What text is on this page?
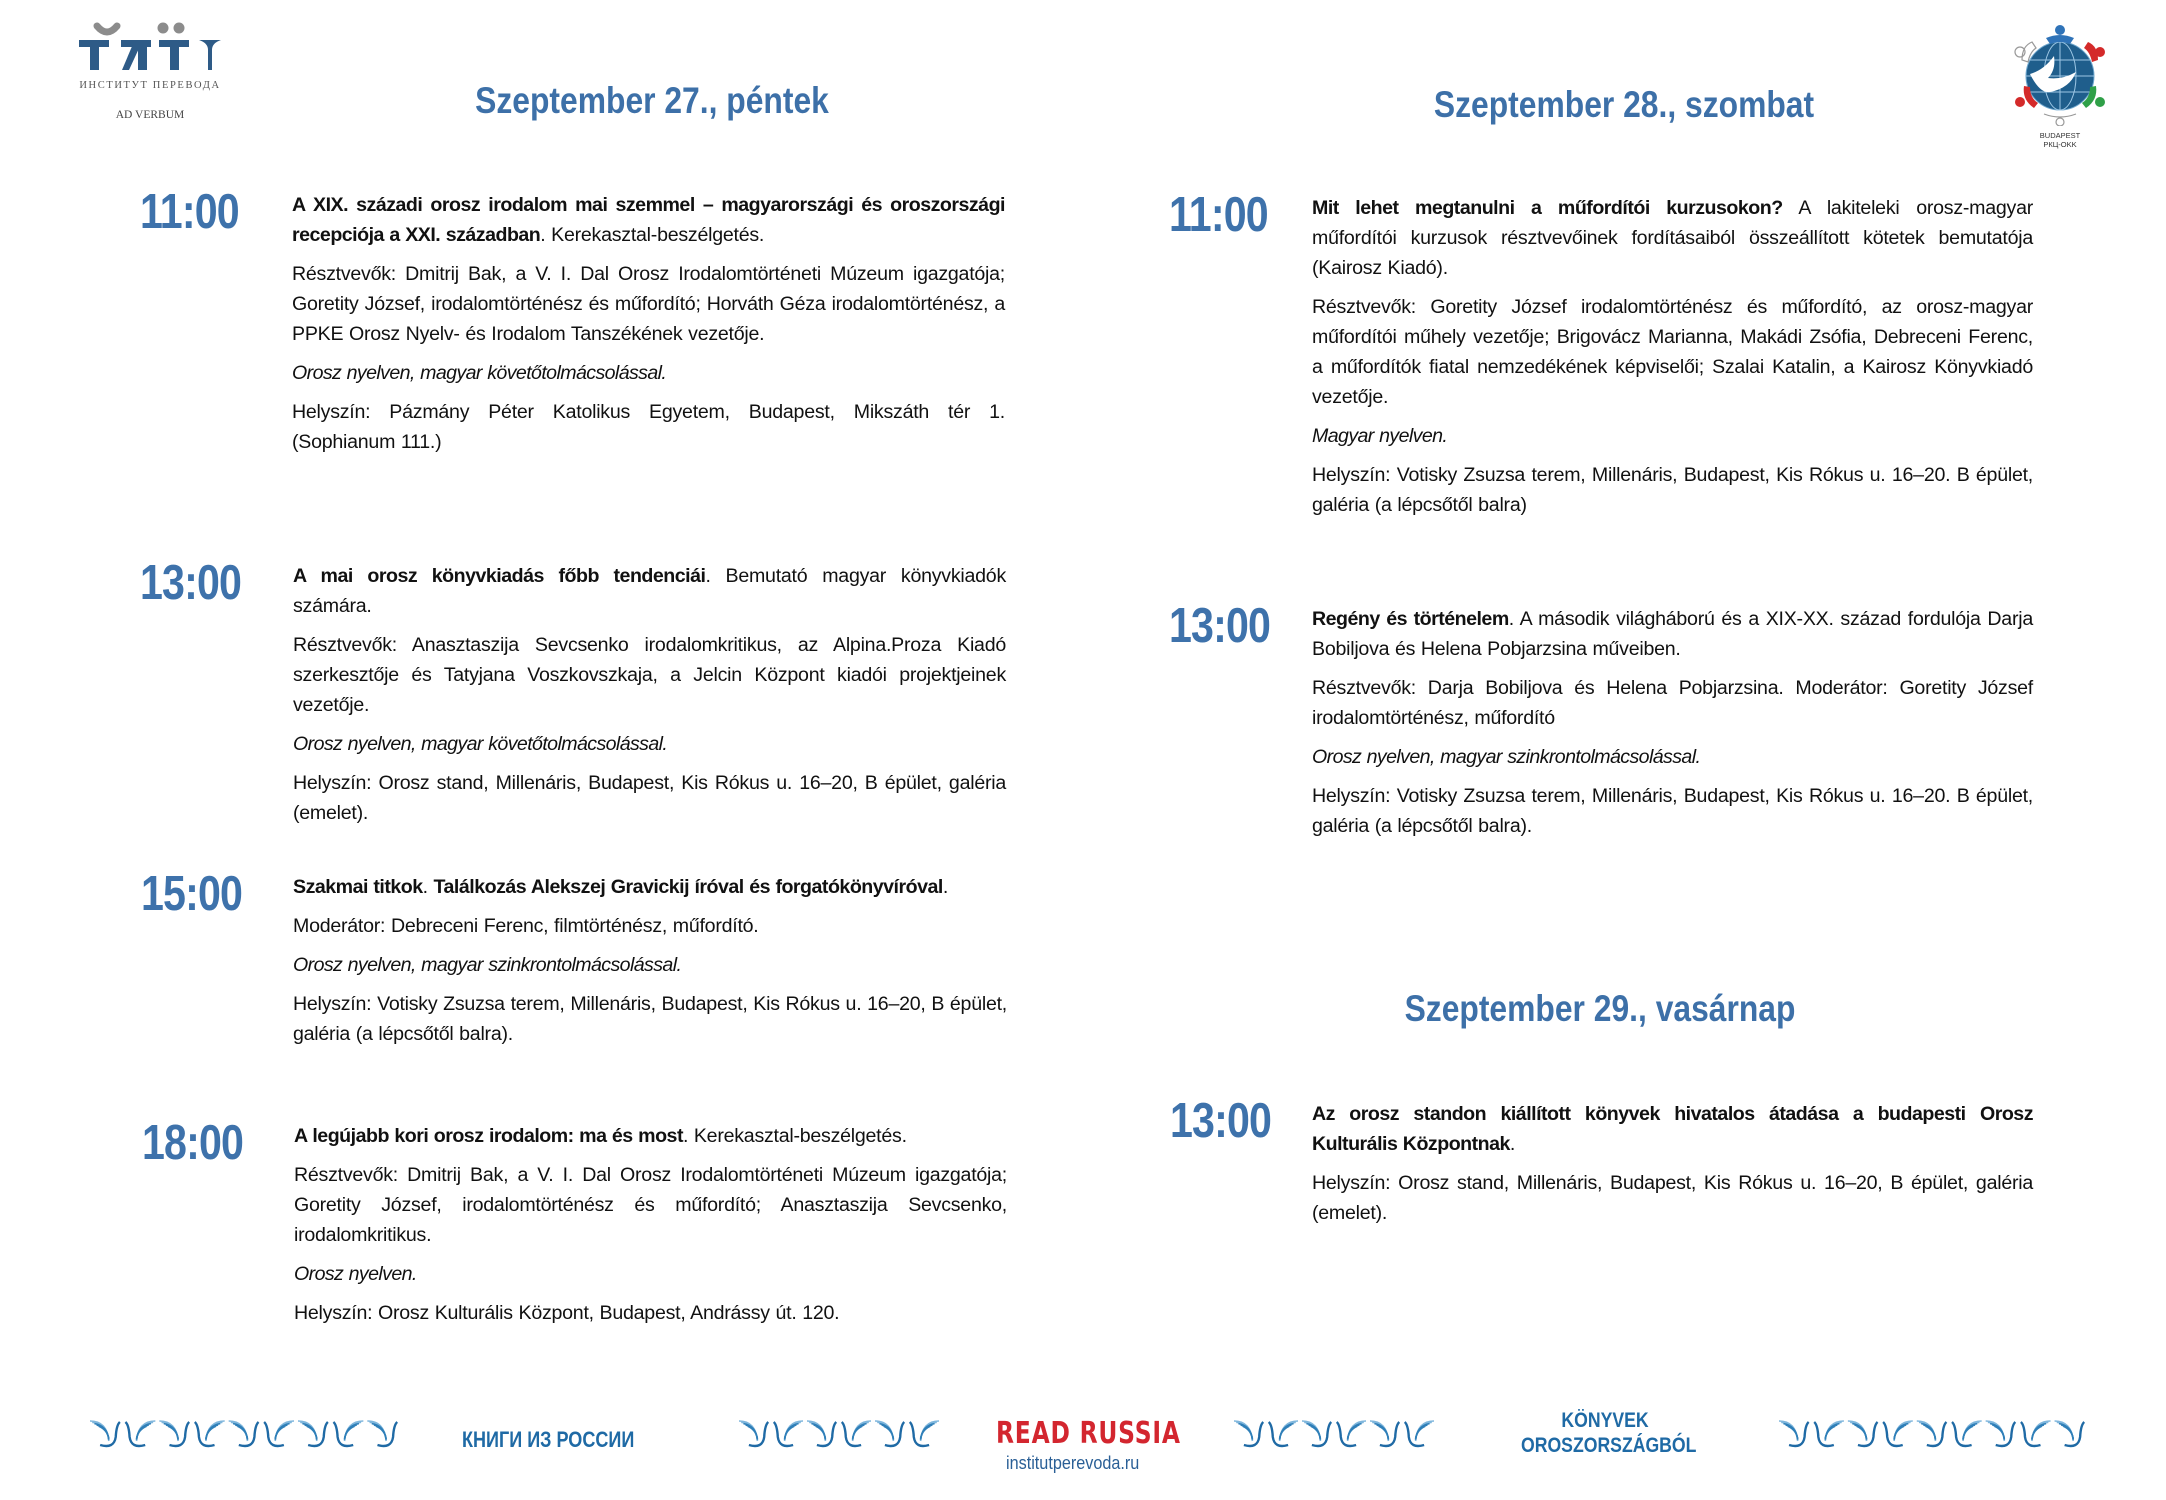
ИНСТИТУТ ПЕРЕВОДА
AD VERBUM
BUDAPEST
РКЦ-OKK
Szeptember 27., péntek	Szeptember 28., szombat
Szeptember 29., vasárnap
11:00	A XIX. századi orosz irodalom mai szemmel – magyarországi és oroszországi recepciója a XXI. században. Kerekasztal-beszélgetés.

Résztvevők: Dmitrij Bak, a V. I. Dal Orosz Irodalomtörténeti Múzeum igazgatója; Goretity József, irodalomtörténész és műfordító; Horváth Géza irodalomtörténész, a PPKE Orosz Nyelv- és Irodalom Tanszékének vezetője.

Orosz nyelven, magyar követőtolmácsolással.

Helyszín: Pázmány Péter Katolikus Egyetem, Budapest, Mikszáth tér 1. (Sophianum 111.)

13:00	A mai orosz könyvkiadás főbb tendenciái. Bemutató magyar könyvkiadók számára.

Résztvevők: Anasztaszija Sevcsenko irodalomkritikus, az Alpina.Proza Kiadó szerkesztője és Tatyjana Voszkovszkaja, a Jelcin Központ kiadói projektjeinek vezetője.

Orosz nyelven, magyar követőtolmácsolással.

Helyszín: Orosz stand, Millenáris, Budapest, Kis Rókus u. 16–20, B épület, galéria (emelet).

15:00	Szakmai titkok. Találkozás Alekszej Gravickij íróval és forgatókönyvíróval.

Moderátor: Debreceni Ferenc, filmtörténész, műfordító.

Orosz nyelven, magyar szinkrontolmácsolással.

Helyszín: Votisky Zsuzsa terem, Millenáris, Budapest, Kis Rókus u. 16–20, B épület, galéria (a lépcsőtől balra).

18:00	A legújabb kori orosz irodalom: ma és most. Kerekasztal-beszélgetés.

Résztvevők: Dmitrij Bak, a V. I. Dal Orosz Irodalomtörténeti Múzeum igazgatója; Goretity József, irodalomtörténész és műfordító; Anasztaszija Sevcsenko, irodalomkritikus.

Orosz nyelven.

Helyszín: Orosz Kulturális Központ, Budapest, Andrássy út. 120.

11:00 Mit lehet megtanulni a műfordítói kurzusokon? A lakiteleki orosz-magyar műfordítói kurzusok résztvevőinek fordításaiból összeállított kötetek bemutatója (Kairosz Kiadó).

Résztvevők: Goretity József irodalomtörténész és műfordító, az orosz-magyar műfordítói műhely vezetője; Brigovácz Marianna, Makádi Zsófia, Debreceni Ferenc, a műfordítók fiatal nemzedékének képviselői; Szalai Katalin, a Kairosz Könyvkiadó vezetője.

Magyar nyelven.

Helyszín: Votisky Zsuzsa terem, Millenáris, Budapest, Kis Rókus u. 16–20. B épület, galéria (a lépcsőtől balra)

13:00 Regény és történelem. A második világháború és a XIX-XX. század fordulója Darja Bobiljova és Helena Pobjarzsina műveiben.

Résztvevők: Darja Bobiljova és Helena Pobjarzsina. Moderátor: Goretity József irodalomtörténész, műfordító

Orosz nyelven, magyar szinkrontolmácsolással.

Helyszín: Votisky Zsuzsa terem, Millenáris, Budapest, Kis Rókus u. 16–20. B épület, galéria (a lépcsőtől balra).

13:00 Az orosz standon kiállított könyvek hivatalos átadása a budapesti Orosz Kulturális Központnak.

Helyszín: Orosz stand, Millenáris, Budapest, Kis Rókus u. 16–20, B épület, galéria (emelet).

КНИГИ ИЗ РОССИИ	READ RUSSIA
institutperevoda.ru
KÖNYVEK
OROSZORSZÁGBÓL
